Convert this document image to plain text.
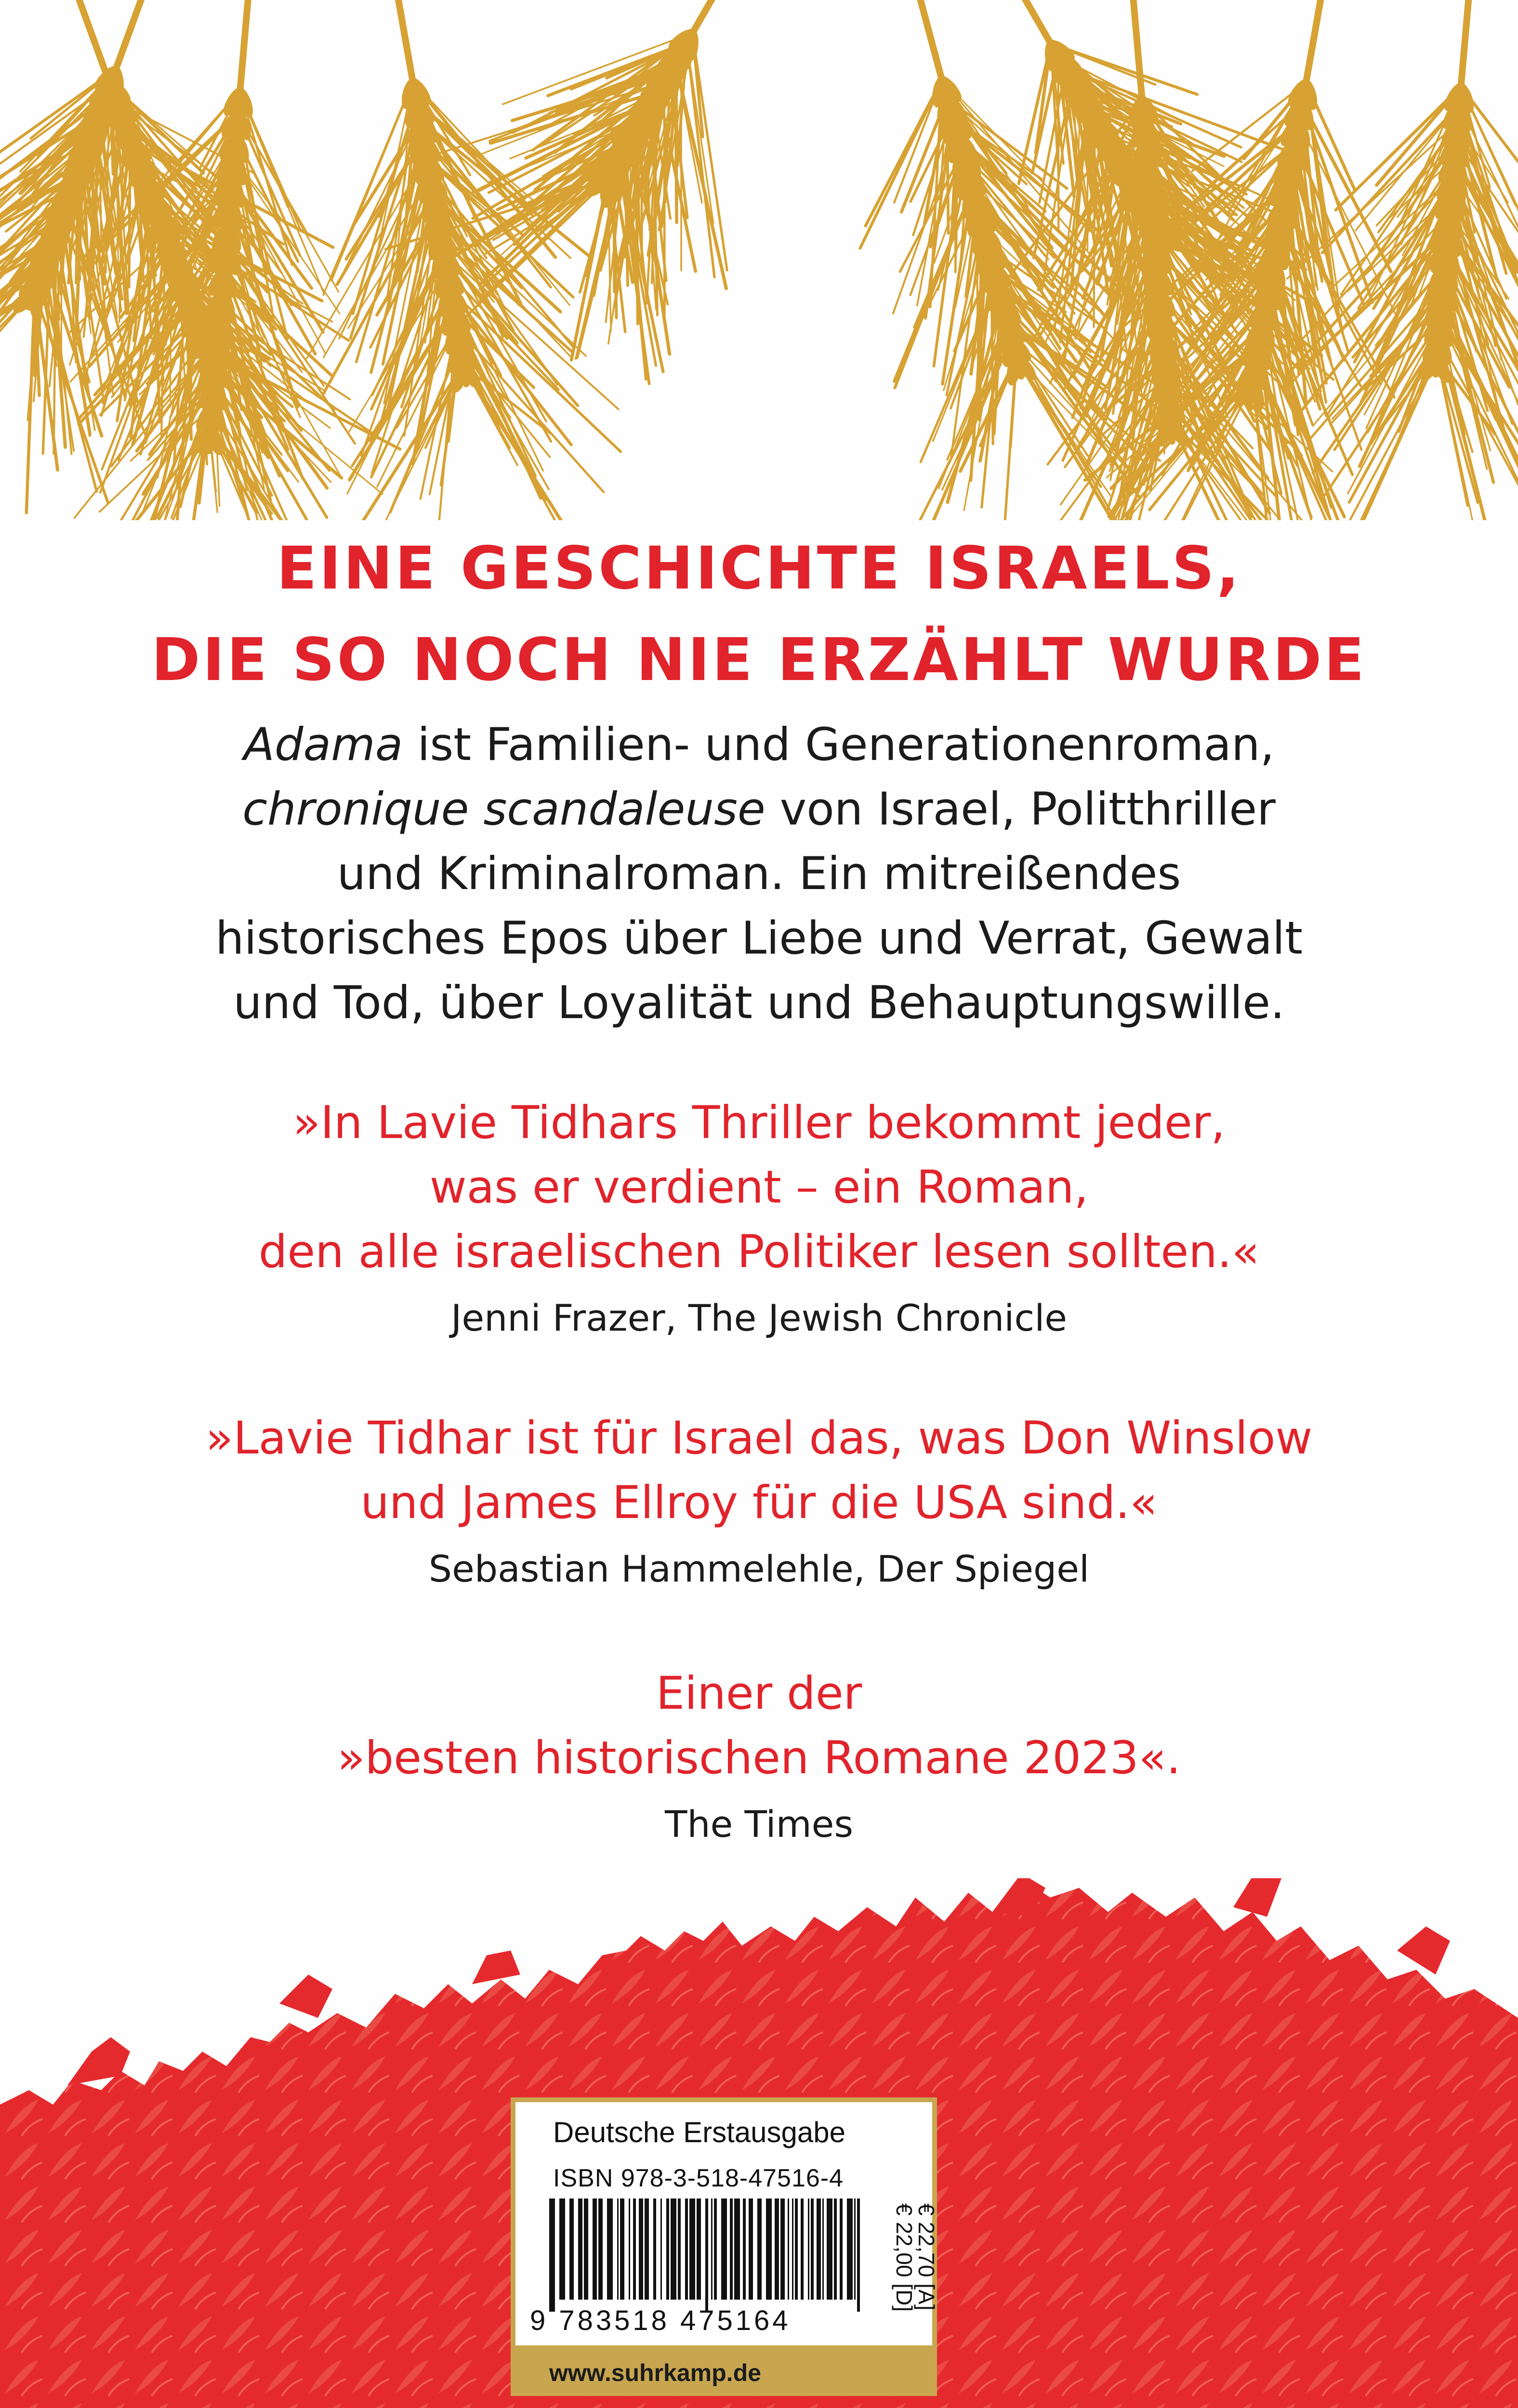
EINE GESCHICHTE ISRAELS,
DIE SO NOCH NIE ERZÄHLT WURDE
Adama ist Familien- und Generationenroman,
chronique scandaleuse von Israel, Politthriller
und Kriminalroman. Ein mitreißendes
historisches Epos über Liebe und Verrat, Gewalt
und Tod, über Loyalität und Behauptungswille.
»In Lavie Tidhars Thriller bekommt jeder,
was er verdient – ein Roman,
den alle israelischen Politiker lesen sollten.«
Jenni Frazer, The Jewish Chronicle
»Lavie Tidhar ist für Israel das, was Don Winslow
und James Ellroy für die USA sind.«
Sebastian Hammelehle, Der Spiegel
Einer der
»besten historischen Romane 2023«.
The Times
Deutsche Erstausgabe
ISBN 978-3-518-47516-4
9 783518 475164
€ 22,00 [D]
€ 22,70 [A]
www.suhrkamp.de
